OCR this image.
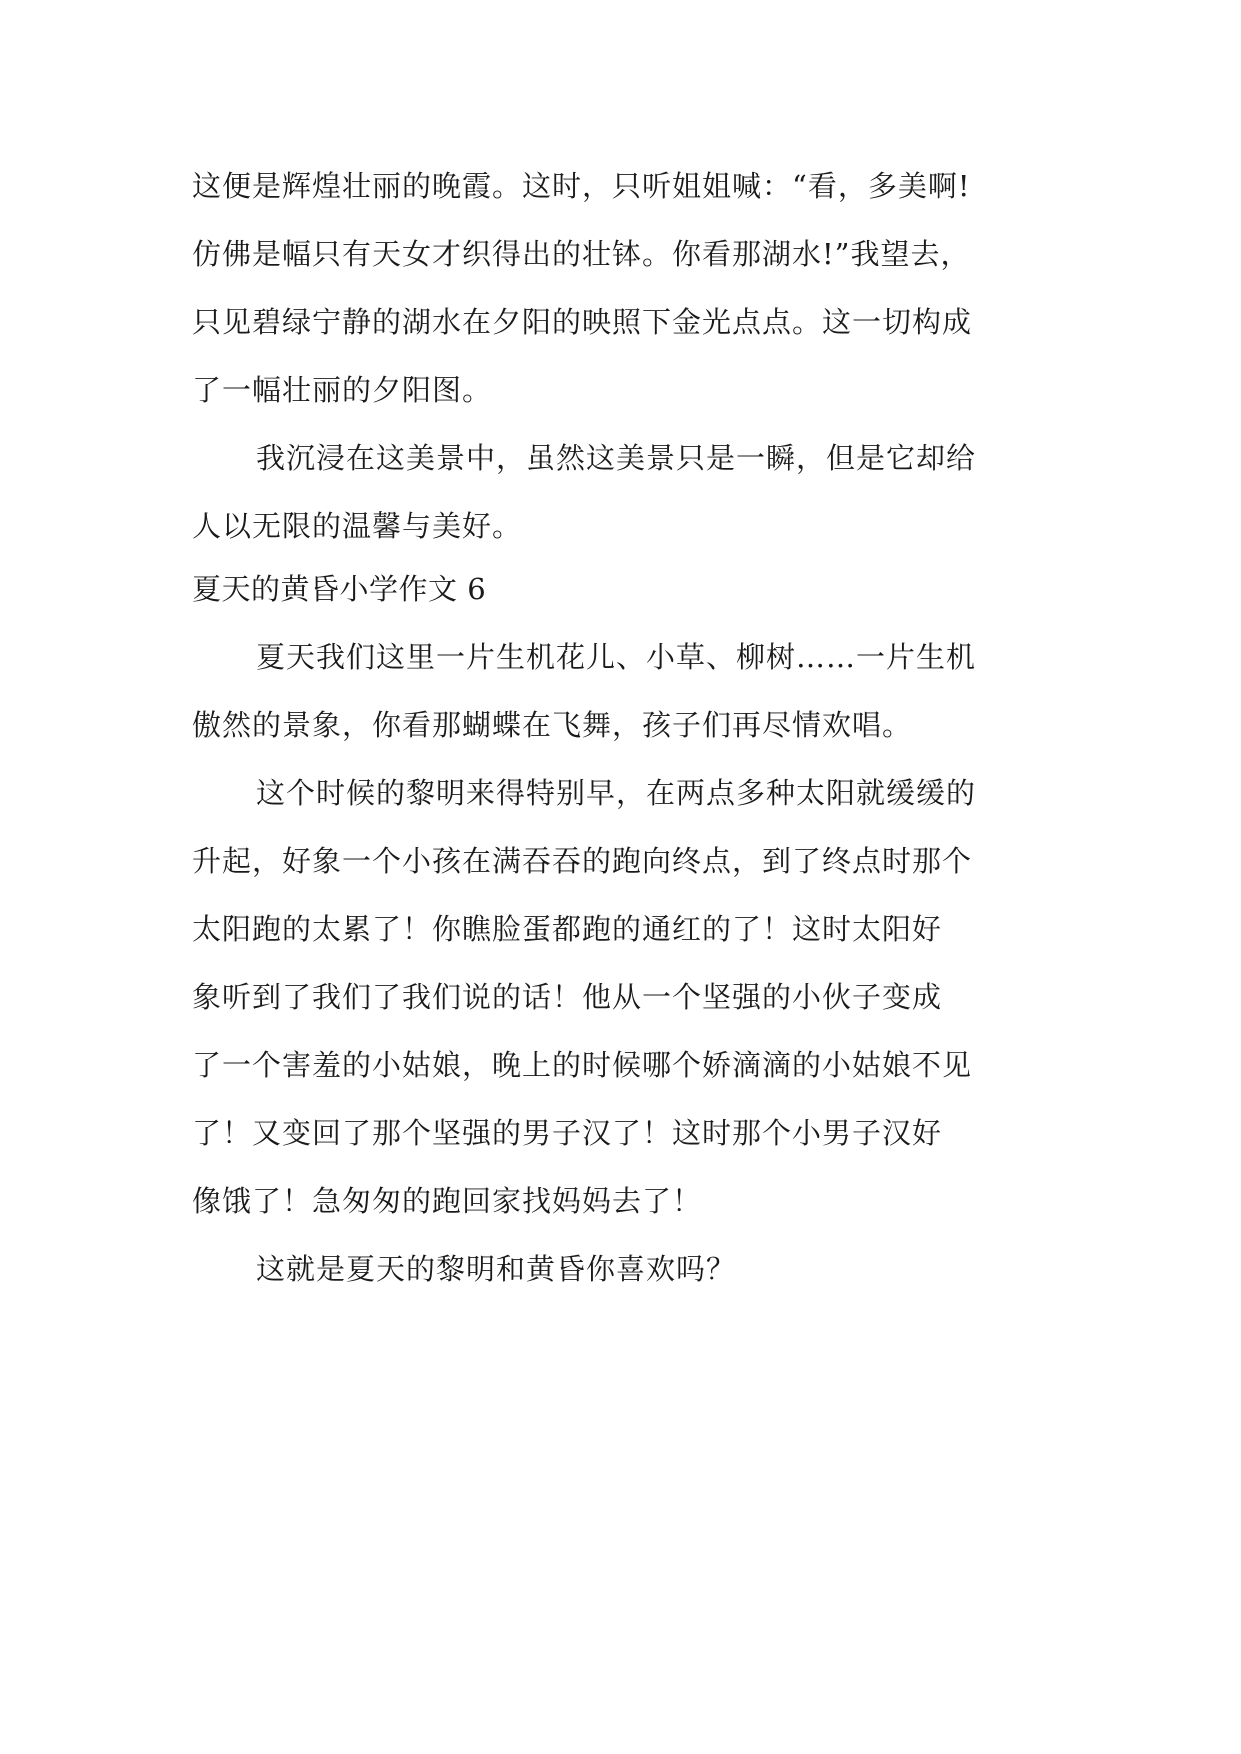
这便是辉煌壮丽的晚霞。这时，只听姐姐喊：“看，多美啊!
仿佛是幅只有天女才织得出的壮钵。你看那湖水!”我望去，
只见碧绿宁静的湖水在夕阳的映照下金光点点。这一切构成
了一幅壮丽的夕阳图。
我沉浸在这美景中，虽然这美景只是一瞬，但是它却给
人以无限的温馨与美好。
夏天的黄昏小学作文 6
夏天我们这里一片生机花儿、小草、柳树……一片生机
傲然的景象，你看那蝴蝶在飞舞，孩子们再尽情欢唱。
这个时候的黎明来得特别早，在两点多种太阳就缓缓的
升起，好象一个小孩在满吞吞的跑向终点，到了终点时那个
太阳跑的太累了！你瞧脸蛋都跑的通红的了！这时太阳好
象听到了我们了我们说的话！他从一个坚强的小伙子变成
了一个害羞的小姑娘，晚上的时候哪个娇滴滴的小姑娘不见
了！又变回了那个坚强的男子汉了！这时那个小男子汉好
像饿了！急匆匆的跑回家找妈妈去了！
这就是夏天的黎明和黄昏你喜欢吗？
